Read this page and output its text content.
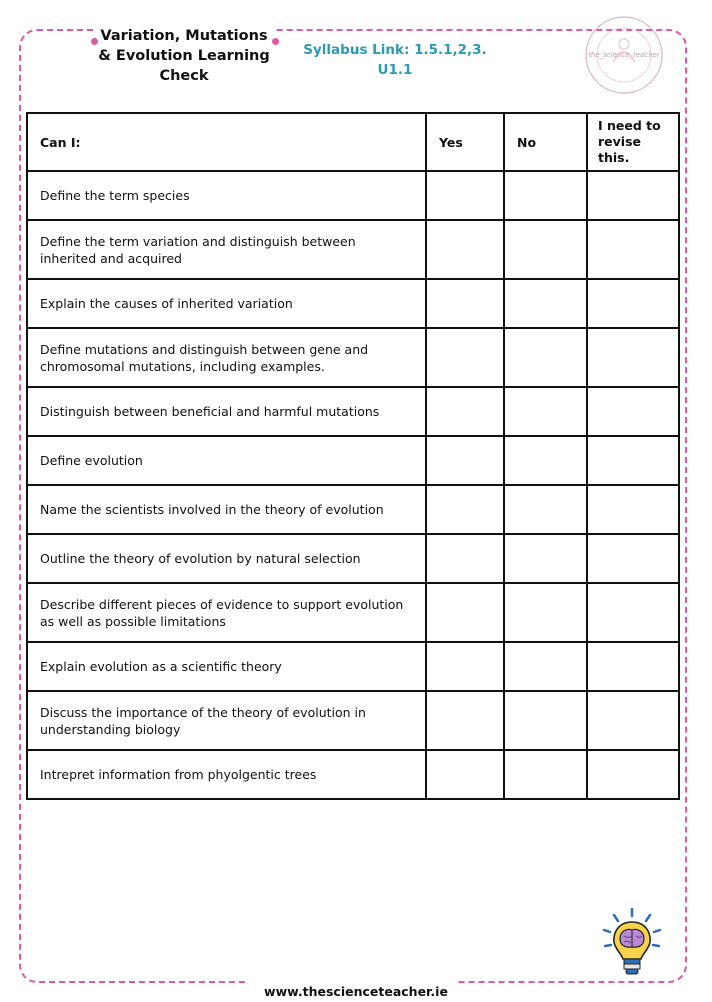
Variation, Mutations & Evolution Learning Check
Syllabus Link: 1.5.1,2,3. U1.1
the_science_teacher
Can I:	Yes	No	I need to revise this.
Define the term species			
Define the term variation and distinguish between inherited and acquired			
Explain the causes of inherited variation			
Define mutations and distinguish between gene and chromosomal mutations, including examples.			
Distinguish between beneficial and harmful mutations			
Define evolution			
Name the scientists involved in the theory of evolution			
Outline the theory of evolution by natural selection			
Describe different pieces of evidence to support evolution as well as possible limitations			
Explain evolution as a scientific theory			
Discuss the importance of the theory of evolution in understanding biology			
Intrepret information from phyolgentic trees			
www.thescienceteacher.ie
